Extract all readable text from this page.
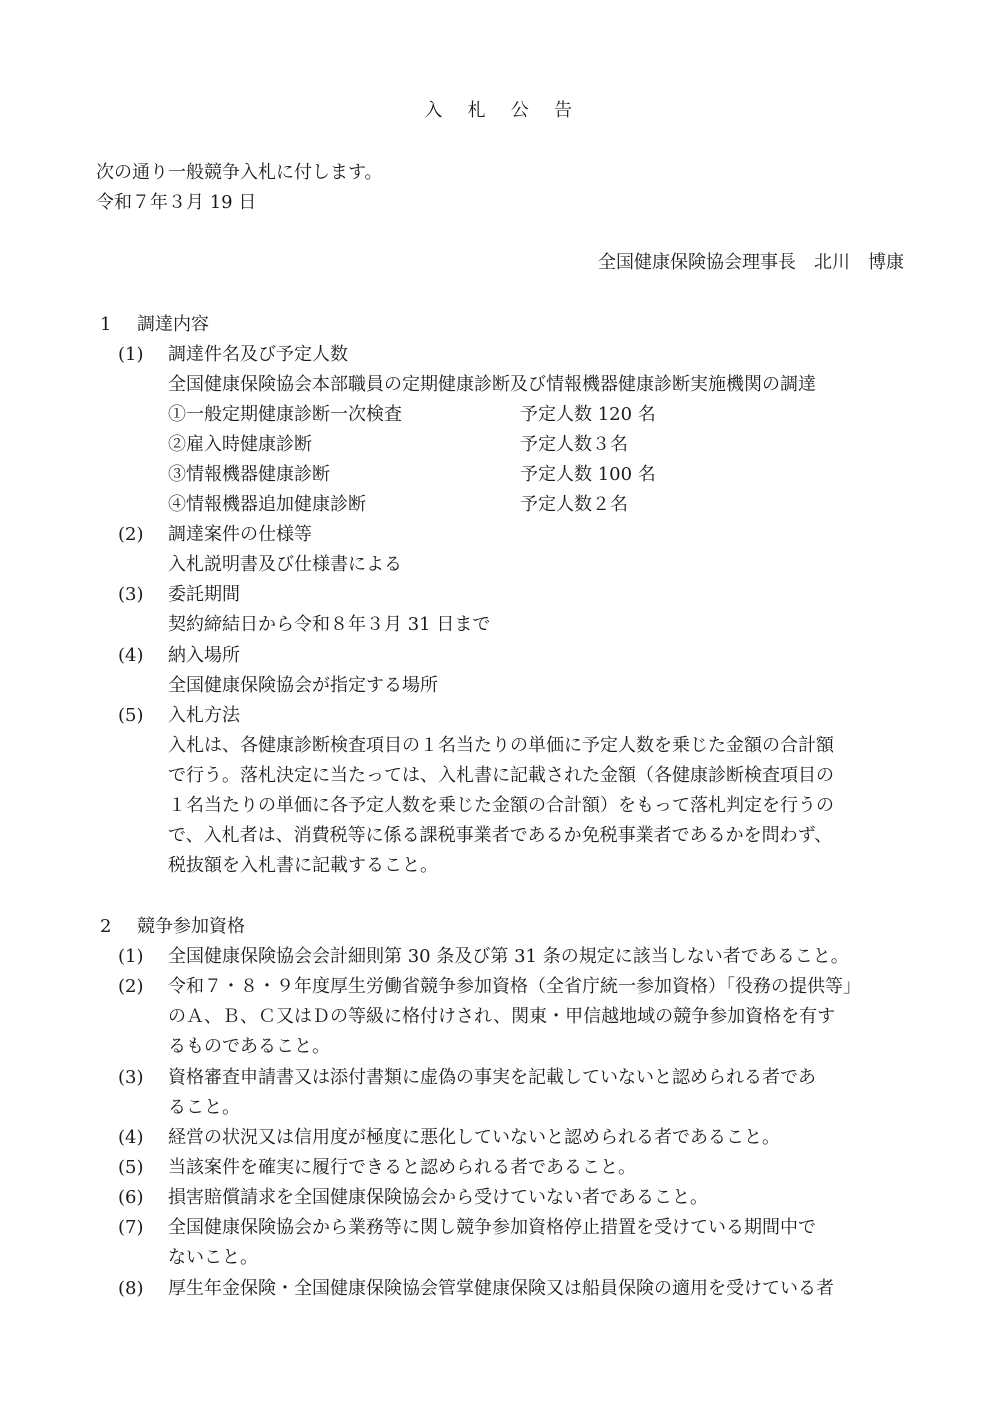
入　札　公　告
次の通り一般競争入札に付します。
令和７年３月 19 日
全国健康保険協会理事長　北川　博康
1 調達内容
(1) 調達件名及び予定人数
全国健康保険協会本部職員の定期健康診断及び情報機器健康診断実施機関の調達
①一般定期健康診断一次検査	予定人数 120 名
②雇入時健康診断	予定人数３名
③情報機器健康診断	予定人数 100 名
④情報機器追加健康診断	予定人数２名
(2) 調達案件の仕様等
入札説明書及び仕様書による
(3) 委託期間
契約締結日から令和８年３月 31 日まで
(4) 納入場所
全国健康保険協会が指定する場所
(5) 入札方法
入札は、各健康診断検査項目の１名当たりの単価に予定人数を乗じた金額の合計額
で行う。落札決定に当たっては、入札書に記載された金額（各健康診断検査項目の
１名当たりの単価に各予定人数を乗じた金額の合計額）をもって落札判定を行うの
で、入札者は、消費税等に係る課税事業者であるか免税事業者であるかを問わず、
税抜額を入札書に記載すること。
2 競争参加資格
(1) 全国健康保険協会会計細則第 30 条及び第 31 条の規定に該当しない者であること。
(2) 令和７・８・９年度厚生労働省競争参加資格（全省庁統一参加資格）「役務の提供等」
のＡ、Ｂ、Ｃ又はＤの等級に格付けされ、関東・甲信越地域の競争参加資格を有す
るものであること。
(3) 資格審査申請書又は添付書類に虚偽の事実を記載していないと認められる者であ
ること。
(4) 経営の状況又は信用度が極度に悪化していないと認められる者であること。
(5) 当該案件を確実に履行できると認められる者であること。
(6) 損害賠償請求を全国健康保険協会から受けていない者であること。
(7) 全国健康保険協会から業務等に関し競争参加資格停止措置を受けている期間中で
ないこと。
(8) 厚生年金保険・全国健康保険協会管掌健康保険又は船員保険の適用を受けている者
